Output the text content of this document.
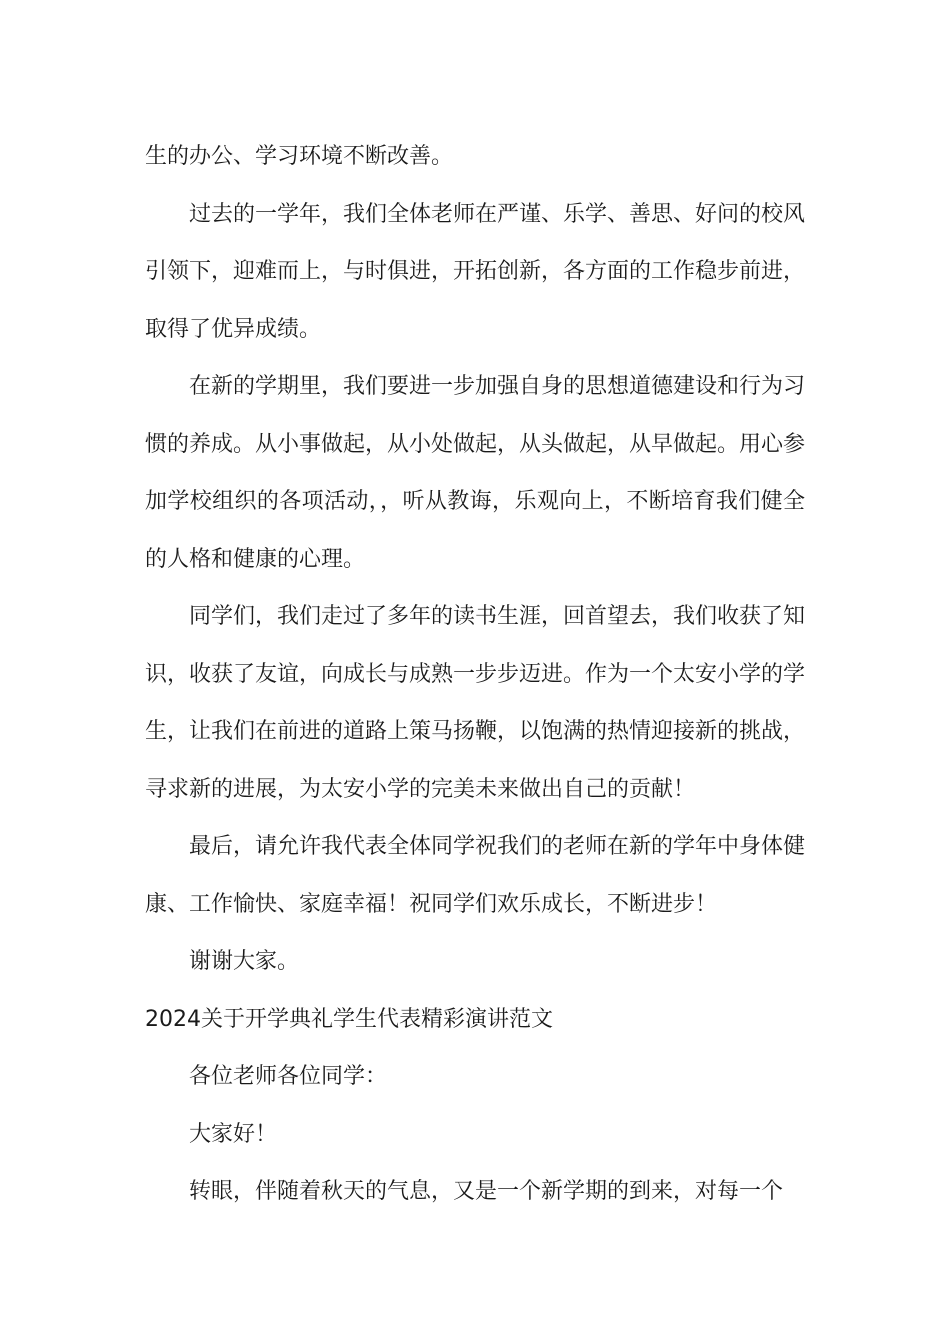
生的办公、学习环境不断改善。

过去的一学年，我们全体老师在严谨、乐学、善思、好问的校风引领下，迎难而上，与时俱进，开拓创新，各方面的工作稳步前进，取得了优异成绩。

在新的学期里，我们要进一步加强自身的思想道德建设和行为习惯的养成。从小事做起，从小处做起，从头做起，从早做起。用心参加学校组织的各项活动，，听从教诲，乐观向上，不断培育我们健全的人格和健康的心理。

同学们，我们走过了多年的读书生涯，回首望去，我们收获了知识，收获了友谊，向成长与成熟一步步迈进。作为一个太安小学的学生，让我们在前进的道路上策马扬鞭，以饱满的热情迎接新的挑战，寻求新的进展，为太安小学的完美未来做出自己的贡献！

最后，请允许我代表全体同学祝我们的老师在新的学年中身体健康、工作愉快、家庭幸福！祝同学们欢乐成长，不断进步！

谢谢大家。

2024关于开学典礼学生代表精彩演讲范文

各位老师各位同学：

大家好！

转眼，伴随着秋天的气息，又是一个新学期的到来，对每一个
